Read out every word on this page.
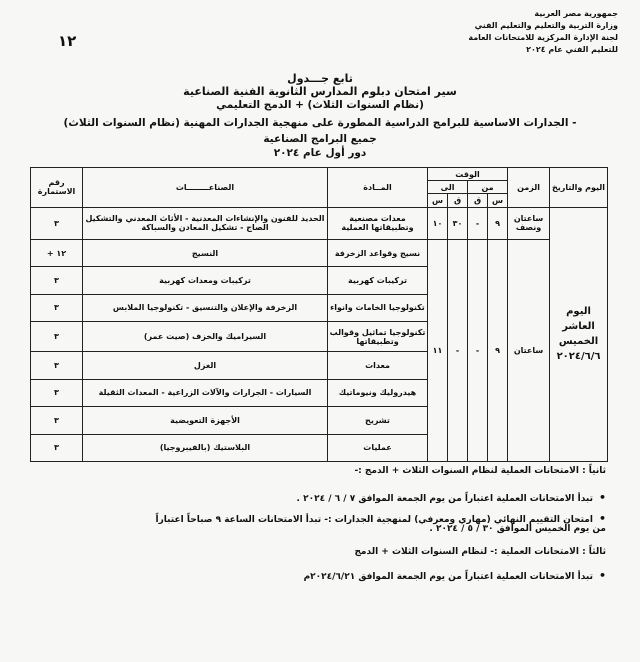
جمهورية مصر العربية
وزارة التربية والتعليم والتعليم الفني
لجنة الإدارة المركزية للامتحانات العامة
للتعليم الفني عام ٢٠٢٤
١٢
تابع جـــدول
سير امتحان دبلوم المدارس الثانوية الفنية الصناعية
(نظام السنوات الثلاث) + الدمج التعليمي
- الجدارات الاساسية للبرامج الدراسية المطورة على منهجية الجدارات المهنية (نظام السنوات الثلاث)
جميع البرامج الصناعية
دور أول عام ٢٠٢٤
اليوم والتاريخ	الزمن	الوقت				المــادة	الصناعــــــــات	رقم الاستمارة
		من		الى				
		س	ق	ق	س			

اليوم
العاشر
الخميس
٢٠٢٤/٦/٦	ساعتان ونصف	٩	-	٣٠	١٠	معدات مصنعية وتطبيقاتها العملية	الحديد للفنون والإنشاءات المعدنية - الأثاث المعدني والتشكيل الصاج - تشكيل المعادن والسباكة	٣
	ساعتان	٩	-	-	١١	نسيج وقواعد الزخرفة	النسيج	١٢ +
						تركيبات كهربية	تركيبات ومعدات كهربية	٣
						تكنولوجيا الخامات وانواء	الزخرفة والإعلان والتنسيق - تكنولوجيا الملابس	٣
						تكنولوجيا تماثيل وقوالب وتطبيقاتها	السيراميك والخزف (صيت عمر)	٣
						معدات	الغزل	٣
						هيدروليك ونيوماتيك	السيارات - الجرارات والآلات الزراعية - المعدات الثقيلة	٣
						تشريح	الأجهزة التعويضية	٣
						عمليات	البلاستيك (بالفيبروجيا)	٣
ثانياً : الامتحانات العملية لنظام السنوات الثلاث + الدمج :-
• تبدأ الامتحانات العملية اعتباراً من يوم الجمعة الموافق ٧ / ٦ / ٢٠٢٤ .
• امتحان التقييم النهائي (مهاري ومعرفي) لمنهجية الجدارات :- تبدأ الامتحانات الساعة ٩ صباحاً اعتباراً
من يوم الخميس الموافق ٣٠ / ٥ / ٢٠٢٤ .
ثالثاً : الامتحانات العملية :- لنظام السنوات الثلاث + الدمج
• تبدأ الامتحانات العملية اعتباراً من يوم الجمعة الموافق ٢٠٢٤/٦/٢١م
